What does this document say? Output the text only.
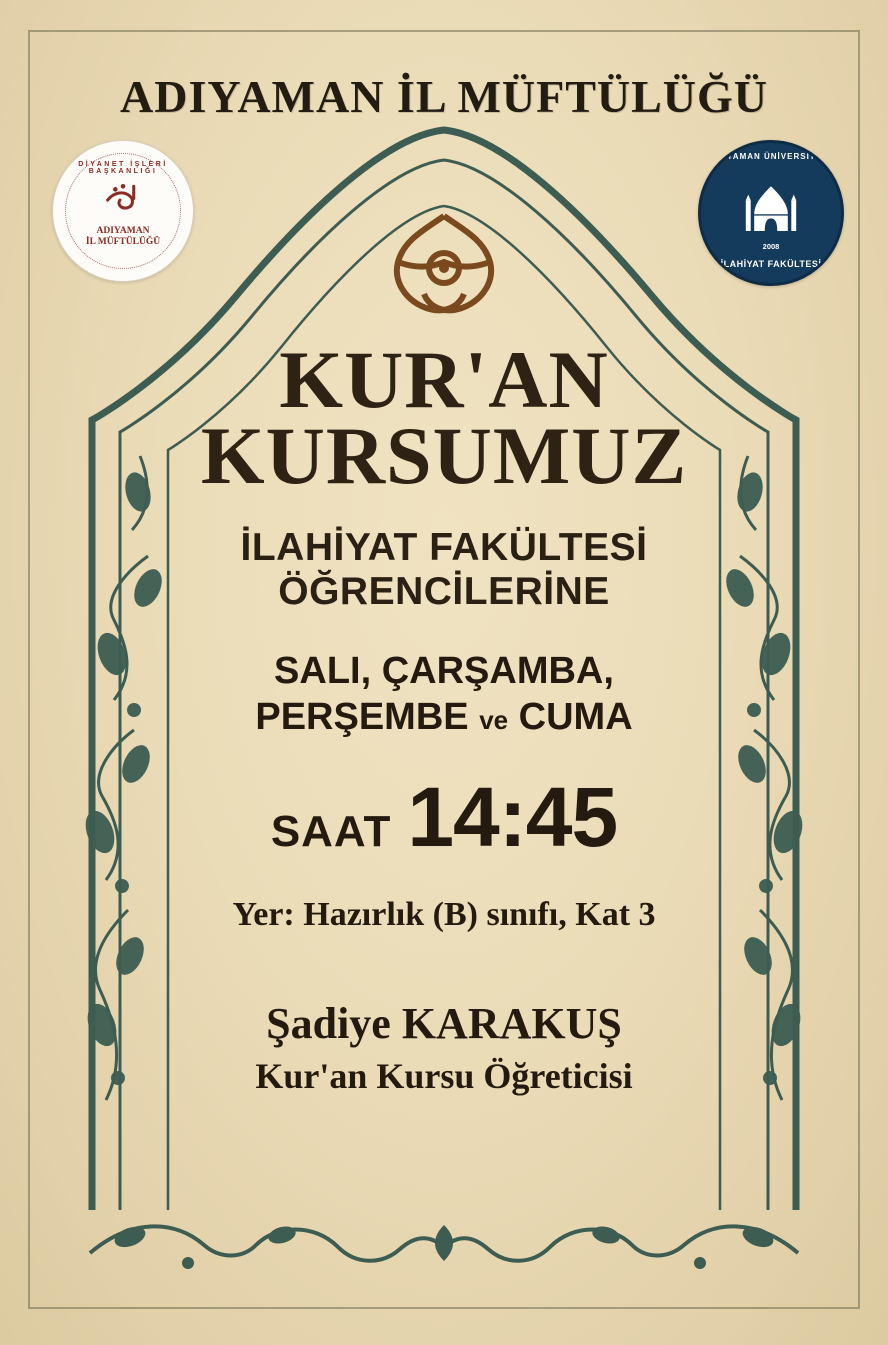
ADIYAMAN İL MÜFTÜLÜĞÜ
DİYANET İŞLERİ BAŞKANLIĞI
ADIYAMAN
İL MÜFTÜLÜĞÜ
ADIYAMAN ÜNİVERSİTESİ
2008
İLAHİYAT FAKÜLTESİ
KUR'AN
KURSUMUZ
İLAHİYAT FAKÜLTESİ
ÖĞRENCİLERİNE
SALI, ÇARŞAMBA,
PERŞEMBE ve CUMA
SAAT 14:45
Yer: Hazırlık (B) sınıfı, Kat 3
Şadiye KARAKUŞ
Kur'an Kursu Öğreticisi
